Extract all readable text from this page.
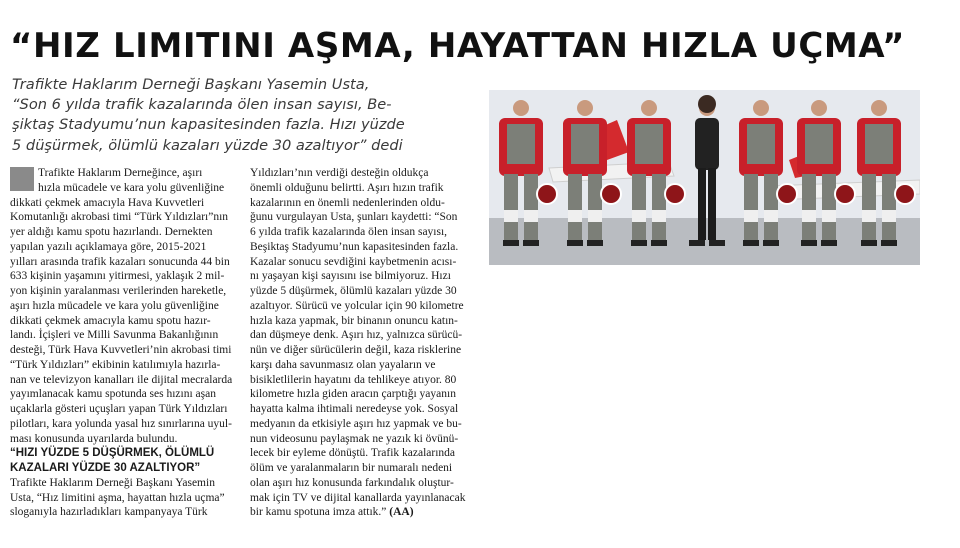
“HIZ LIMITINI AŞMA, HAYATTAN HIZLA UÇMA”
Trafikte Haklarım Derneği Başkanı Yasemin Usta,
“Son 6 yılda trafik kazalarında ölen insan sayısı, Be-
şiktaş Stadyumu’nun kapasitesinden fazla. Hızı yüzde
5 düşürmek, ölümlü kazaları yüzde 30 azaltıyor” dedi
Trafikte Haklarım Derneğince, aşırı
hızla mücadele ve kara yolu güvenliğine
dikkati çekmek amacıyla Hava Kuvvetleri
Komutanlığı akrobasi timi “Türk Yıldızları”nın
yer aldığı kamu spotu hazırlandı. Dernekten
yapılan yazılı açıklamaya göre, 2015-2021
yılları arasında trafik kazaları sonucunda 44 bin
633 kişinin yaşamını yitirmesi, yaklaşık 2 mil-
yon kişinin yaralanması verilerinden hareketle,
aşırı hızla mücadele ve kara yolu güvenliğine
dikkati çekmek amacıyla kamu spotu hazır-
landı. İçişleri ve Milli Savunma Bakanlığının
desteği, Türk Hava Kuvvetleri’nin akrobasi timi
“Türk Yıldızları” ekibinin katılımıyla hazırla-
nan ve televizyon kanalları ile dijital mecralarda
yayımlanacak kamu spotunda ses hızını aşan
uçaklarla gösteri uçuşları yapan Türk Yıldızları
pilotları, kara yolunda yasal hız sınırlarına uyul-
ması konusunda uyarılarda bulundu.
“HIZI YÜZDE 5 DÜŞÜRMEK, ÖLÜMLÜ
KAZALARI YÜZDE 30 AZALTIYOR”
Trafikte Haklarım Derneği Başkanı Yasemin
Usta, “Hız limitini aşma, hayattan hızla uçma”
sloganıyla hazırladıkları kampanyaya Türk
Yıldızları’nın verdiği desteğin oldukça
önemli olduğunu belirtti. Aşırı hızın trafik
kazalarının en önemli nedenlerinden oldu-
ğunu vurgulayan Usta, şunları kaydetti: “Son
6 yılda trafik kazalarında ölen insan sayısı,
Beşiktaş Stadyumu’nun kapasitesinden fazla.
Kazalar sonucu sevdiğini kaybetmenin acısı-
nı yaşayan kişi sayısını ise bilmiyoruz. Hızı
yüzde 5 düşürmek, ölümlü kazaları yüzde 30
azaltıyor. Sürücü ve yolcular için 90 kilometre
hızla kaza yapmak, bir binanın onuncu katın-
dan düşmeye denk. Aşırı hız, yalnızca sürücü-
nün ve diğer sürücülerin değil, kaza risklerine
karşı daha savunmasız olan yayaların ve
bisikletlilerin hayatını da tehlikeye atıyor. 80
kilometre hızla giden aracın çarptığı yayanın
hayatta kalma ihtimali neredeyse yok. Sosyal
medyanın da etkisiyle aşırı hız yapmak ve bu-
nun videosunu paylaşmak ne yazık ki övünü-
lecek bir eyleme dönüştü. Trafik kazalarında
ölüm ve yaralanmaların bir numaralı nedeni
olan aşırı hız konusunda farkındalık oluştur-
mak için TV ve dijital kanallarda yayınlanacak
bir kamu spotuna imza attık.” (AA)
